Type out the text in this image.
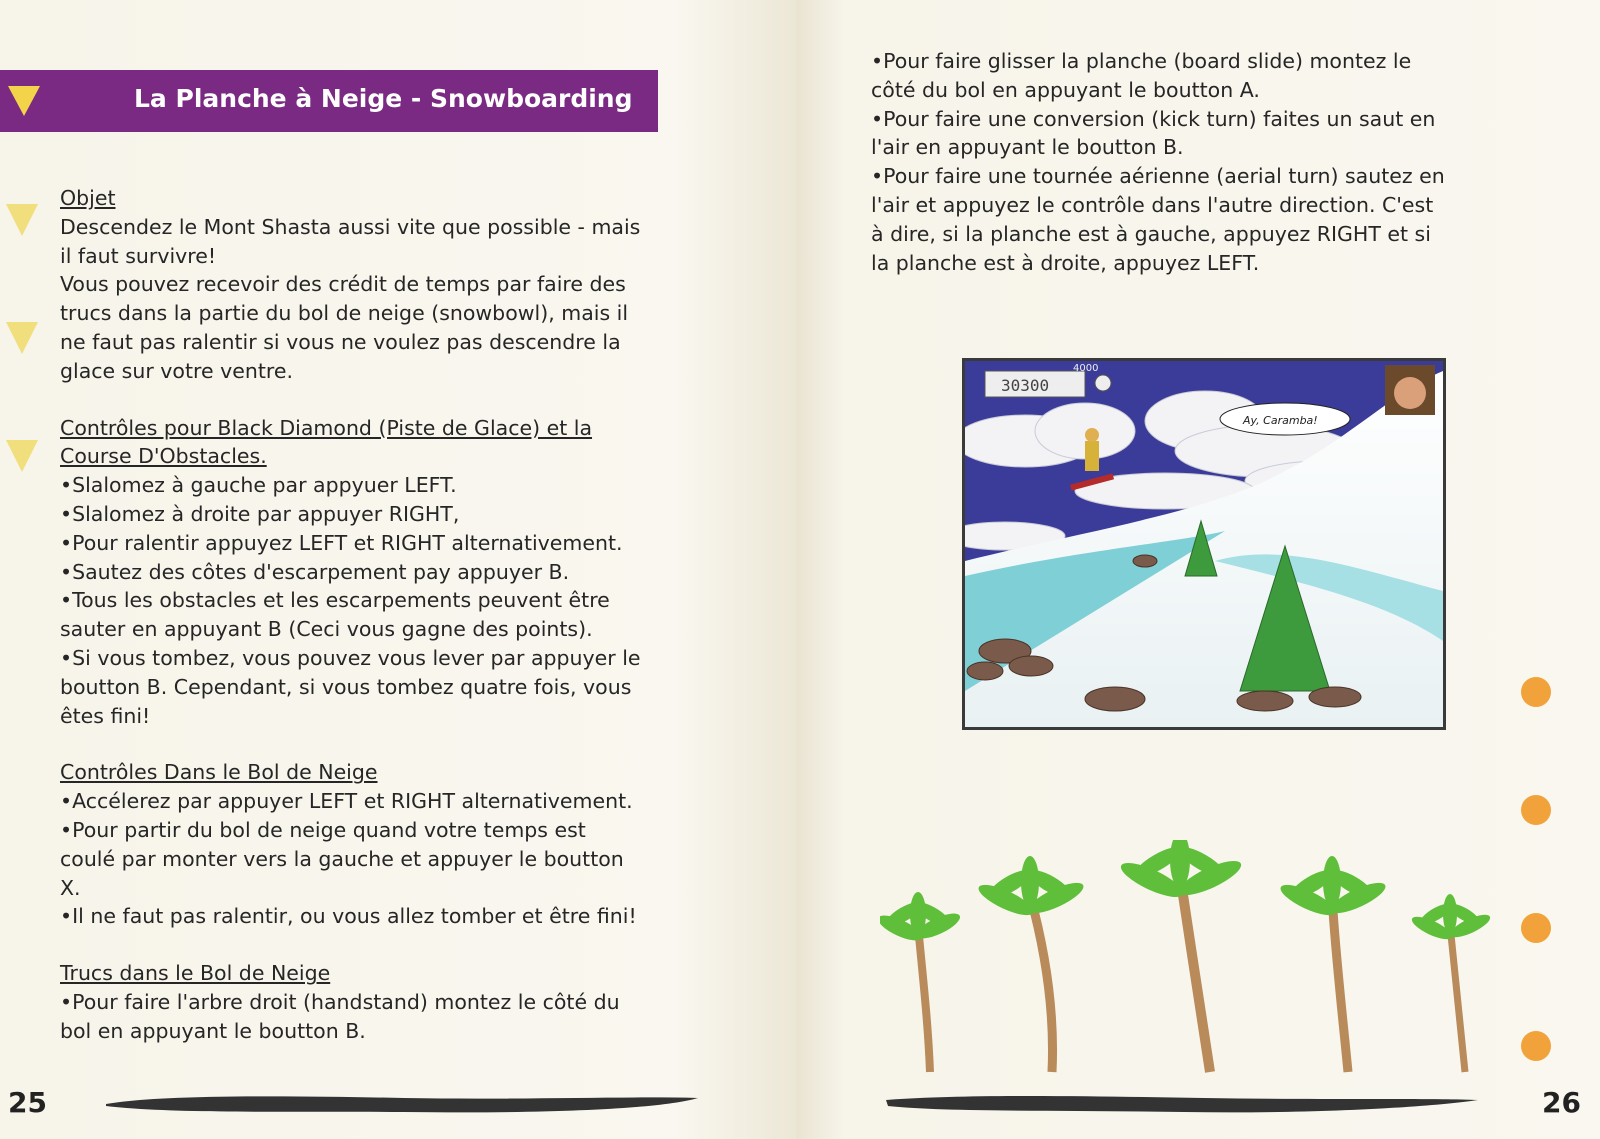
La Planche à Neige - Snowboarding

Objet

Descendez le Mont Shasta aussi vite que possible - mais

il faut survivre!

Vous pouvez recevoir des crédit de temps par faire des

trucs dans la partie du bol de neige (snowbowl), mais il

ne faut pas ralentir si vous ne voulez pas descendre la

glace sur votre ventre.

Contrôles pour Black Diamond (Piste de Glace) et la

Course D'Obstacles.

•Slalomez à gauche par appyuer LEFT.

•Slalomez à droite par appuyer RIGHT,

•Pour ralentir appuyez LEFT et RIGHT alternativement.

•Sautez des côtes d'escarpement pay appuyer B.

•Tous les obstacles et les escarpements peuvent être

sauter en appuyant B (Ceci vous gagne des points).

•Si vous tombez, vous pouvez vous lever par appuyer le

boutton B. Cependant, si vous tombez quatre fois, vous

êtes fini!

Contrôles Dans le Bol de Neige

•Accélerez par appuyer LEFT et RIGHT alternativement.

•Pour partir du bol de neige quand votre temps est

coulé par monter vers la gauche et appuyer le boutton

X.

•Il ne faut pas ralentir, ou vous allez tomber et être fini!

Trucs dans le Bol de Neige

•Pour faire l'arbre droit (handstand) montez le côté du

bol en appuyant le boutton B.

25	26

•Pour faire glisser la planche (board slide) montez le

côté du bol en appuyant le boutton A.

•Pour faire une conversion (kick turn) faites un saut en

l'air en appuyant le boutton B.

•Pour faire une tournée aérienne (aerial turn) sautez en

l'air et appuyez le contrôle dans l'autre direction. C'est

à dire, si la planche est à gauche, appuyez RIGHT et si

la planche est à droite, appuyez LEFT.

30300
4000
Ay, Caramba!
